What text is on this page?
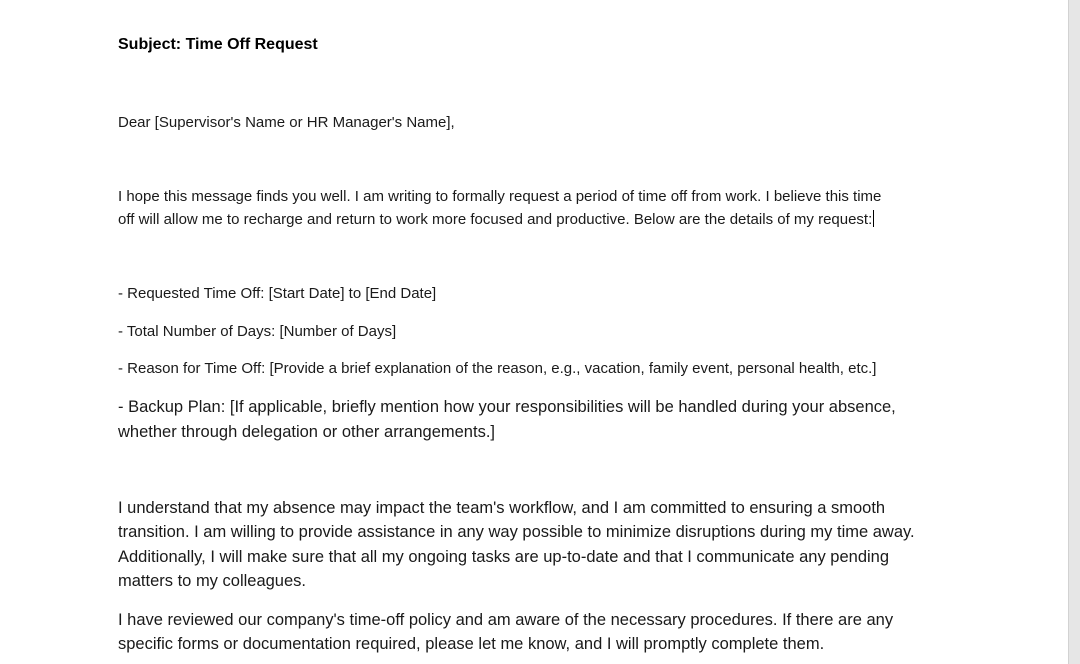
Subject: Time Off Request

Dear [Supervisor's Name or HR Manager's Name],

I hope this message finds you well. I am writing to formally request a period of time off from work. I believe this time

off will allow me to recharge and return to work more focused and productive. Below are the details of my request:

- Requested Time Off: [Start Date] to [End Date]

- Total Number of Days: [Number of Days]

- Reason for Time Off: [Provide a brief explanation of the reason, e.g., vacation, family event, personal health, etc.]

- Backup Plan: [If applicable, briefly mention how your responsibilities will be handled during your absence,

whether through delegation or other arrangements.]

I understand that my absence may impact the team's workflow, and I am committed to ensuring a smooth

transition. I am willing to provide assistance in any way possible to minimize disruptions during my time away.

Additionally, I will make sure that all my ongoing tasks are up-to-date and that I communicate any pending

matters to my colleagues.

I have reviewed our company's time-off policy and am aware of the necessary procedures. If there are any

specific forms or documentation required, please let me know, and I will promptly complete them.
